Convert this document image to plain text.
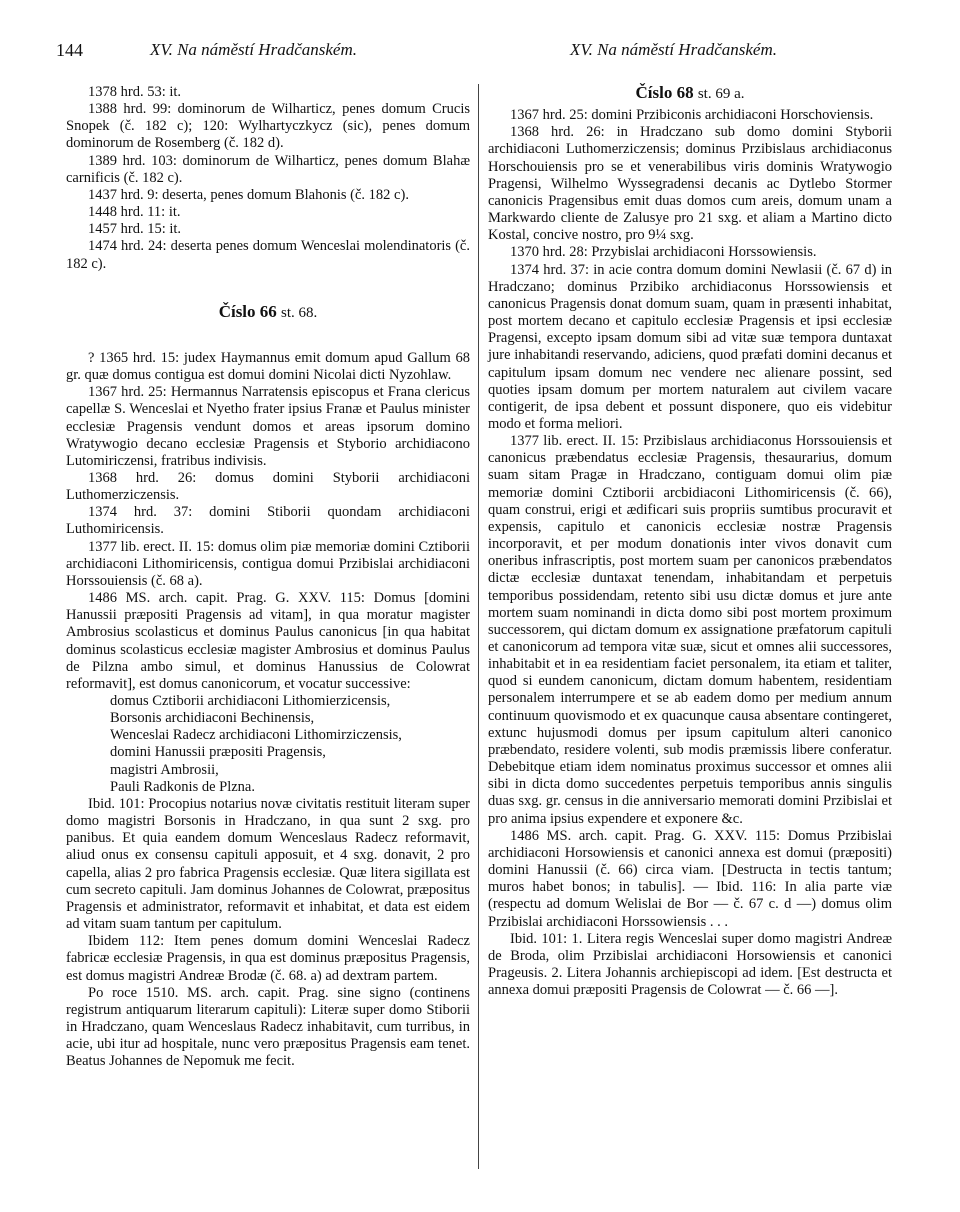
144	XV. Na náměstí Hradčanském.	XV. Na náměstí Hradčanském.

1378 hrd. 53: it.

1388 hrd. 99: dominorum de Wilharticz, penes domum Crucis Snopek (č. 182 c); 120: Wylhartyczkycz (sic), penes domum dominorum de Rosemberg (č. 182 d).

1389 hrd. 103: dominorum de Wilharticz, penes domum Blahæ carnificis (č. 182 c).

1437 hrd. 9: deserta, penes domum Blahonis (č. 182 c).

1448 hrd. 11: it.

1457 hrd. 15: it.

1474 hrd. 24: deserta penes domum Wenceslai molendinatoris (č. 182 c).

Číslo 66 st. 68.

? 1365 hrd. 15: judex Haymannus emit domum apud Gallum 68 gr. quæ domus contigua est domui domini Nicolai dicti Nyzohlaw.

1367 hrd. 25: Hermannus Narratensis episcopus et Frana clericus capellæ S. Wenceslai et Nyetho frater ipsius Franæ et Paulus minister ecclesiæ Pragensis vendunt domos et areas ipsorum domino Wratywogio decano ecclesiæ Pragensis et Styborio archidiacono Lutomiriczensi, fratribus indivisis.

1368 hrd. 26: domus domini Styborii archidiaconi Luthomerziczensis.

1374 hrd. 37: domini Stiborii quondam archidiaconi Luthomiricensis.

1377 lib. erect. II. 15: domus olim piæ memoriæ domini Cztiborii archidiaconi Lithomiricensis, contigua domui Przibislai archidiaconi Horssouiensis (č. 68 a).

1486 MS. arch. capit. Prag. G. XXV. 115: Domus [domini Hanussii præpositi Pragensis ad vitam], in qua moratur magister Ambrosius scolasticus et dominus Paulus canonicus [in qua habitat dominus scolasticus ecclesiæ magister Ambrosius et dominus Paulus de Pilzna ambo simul, et dominus Hanussius de Colowrat reformavit], est domus canonicorum, et vocatur successive:

domus Cztiborii archidiaconi Lithomierzicensis,

Borsonis archidiaconi Bechinensis,

Wenceslai Radecz archidiaconi Lithomirziczensis,

domini Hanussii præpositi Pragensis,

magistri Ambrosii,

Pauli Radkonis de Plzna.

Ibid. 101: Procopius notarius novæ civitatis restituit literam super domo magistri Borsonis in Hradczano, in qua sunt 2 sxg. pro panibus. Et quia eandem domum Wenceslaus Radecz reformavit, aliud onus ex consensu capituli apposuit, et 4 sxg. donavit, 2 pro capella, alias 2 pro fabrica Pragensis ecclesiæ. Quæ litera sigillata est cum secreto capituli. Jam dominus Johannes de Colowrat, præpositus Pragensis et administrator, reformavit et inhabitat, et data est eidem ad vitam suam tantum per capitulum.

Ibidem 112: Item penes domum domini Wenceslai Radecz fabricæ ecclesiæ Pragensis, in qua est dominus præpositus Pragensis, est domus magistri Andreæ Brodæ (č. 68. a) ad dextram partem.

Po roce 1510. MS. arch. capit. Prag. sine signo (continens registrum antiquarum literarum capituli): Literæ super domo Stiborii in Hradczano, quam Wenceslaus Radecz inhabitavit, cum turribus, in acie, ubi itur ad hospitale, nunc vero præpositus Pragensis eam tenet. Beatus Johannes de Nepomuk me fecit.

Číslo 68 st. 69 a.

1367 hrd. 25: domini Przibiconis archidiaconi Horschoviensis.

1368 hrd. 26: in Hradczano sub domo domini Styborii archidiaconi Luthomerziczensis; dominus Przibislaus archidiaconus Horschouiensis pro se et venerabilibus viris dominis Wratywogio Pragensi, Wilhelmo Wyssegradensi decanis ac Dytlebo Stormer canonicis Pragensibus emit duas domos cum areis, domum unam a Markwardo cliente de Zalusye pro 21 sxg. et aliam a Martino dicto Kostal, concive nostro, pro 9¼ sxg.

1370 hrd. 28: Przybislai archidiaconi Horssowiensis.

1374 hrd. 37: in acie contra domum domini Newlasii (č. 67 d) in Hradczano; dominus Przibiko archidiaconus Horssowiensis et canonicus Pragensis donat domum suam, quam in præsenti inhabitat, post mortem decano et capitulo ecclesiæ Pragensis et ipsi ecclesiæ Pragensi, excepto ipsam domum sibi ad vitæ suæ tempora duntaxat jure inhabitandi reservando, adiciens, quod præfati domini decanus et capitulum ipsam domum nec vendere nec alienare possint, sed quoties ipsam domum per mortem naturalem aut civilem vacare contigerit, de ipsa debent et possunt disponere, quo eis videbitur modo et forma meliori.

1377 lib. erect. II. 15: Przibislaus archidiaconus Horssouiensis et canonicus præbendatus ecclesiæ Pragensis, thesaurarius, domum suam sitam Pragæ in Hradczano, contiguam domui olim piæ memoriæ domini Cztiborii arcbidiaconi Lithomiricensis (č. 66), quam construi, erigi et ædificari suis propriis sumtibus procuravit et expensis, capitulo et canonicis ecclesiæ nostræ Pragensis incorporavit, et per modum donationis inter vivos donavit cum oneribus infrascriptis, post mortem suam per canonicos præbendatos dictæ ecclesiæ duntaxat tenendam, inhabitandam et perpetuis temporibus possidendam, retento sibi usu dictæ domus et jure ante mortem suam nominandi in dicta domo sibi post mortem proximum successorem, qui dictam domum ex assignatione præfatorum capituli et canonicorum ad tempora vitæ suæ, sicut et omnes alii successores, inhabitabit et in ea residentiam faciet personalem, ita etiam et taliter, quod si eundem canonicum, dictam domum habentem, residentiam personalem interrumpere et se ab eadem domo per medium annum continuum quovismodo et ex quacunque causa absentare contingeret, extunc hujusmodi domus per ipsum capitulum alteri canonico præbendato, residere volenti, sub modis præmissis libere conferatur. Debebitque etiam idem nominatus proximus successor et omnes alii sibi in dicta domo succedentes perpetuis temporibus annis singulis duas sxg. gr. census in die anniversario memorati domini Przibislai et pro anima ipsius expendere et exponere &c.

1486 MS. arch. capit. Prag. G. XXV. 115: Domus Przibislai archidiaconi Horsowiensis et canonici annexa est domui (præpositi) domini Hanussii (č. 66) circa viam. [Destructa in tectis tantum; muros habet bonos; in tabulis]. — Ibid. 116: In alia parte viæ (respectu ad domum Welislai de Bor — č. 67 c. d —) domus olim Przibislai archidiaconi Horssowiensis . . .

Ibid. 101: 1. Litera regis Wenceslai super domo magistri Andreæ de Broda, olim Przibislai archidiaconi Horsowiensis et canonici Prageusis. 2. Litera Johannis archiepiscopi ad idem. [Est destructa et annexa domui præpositi Pragensis de Colowrat — č. 66 —].
